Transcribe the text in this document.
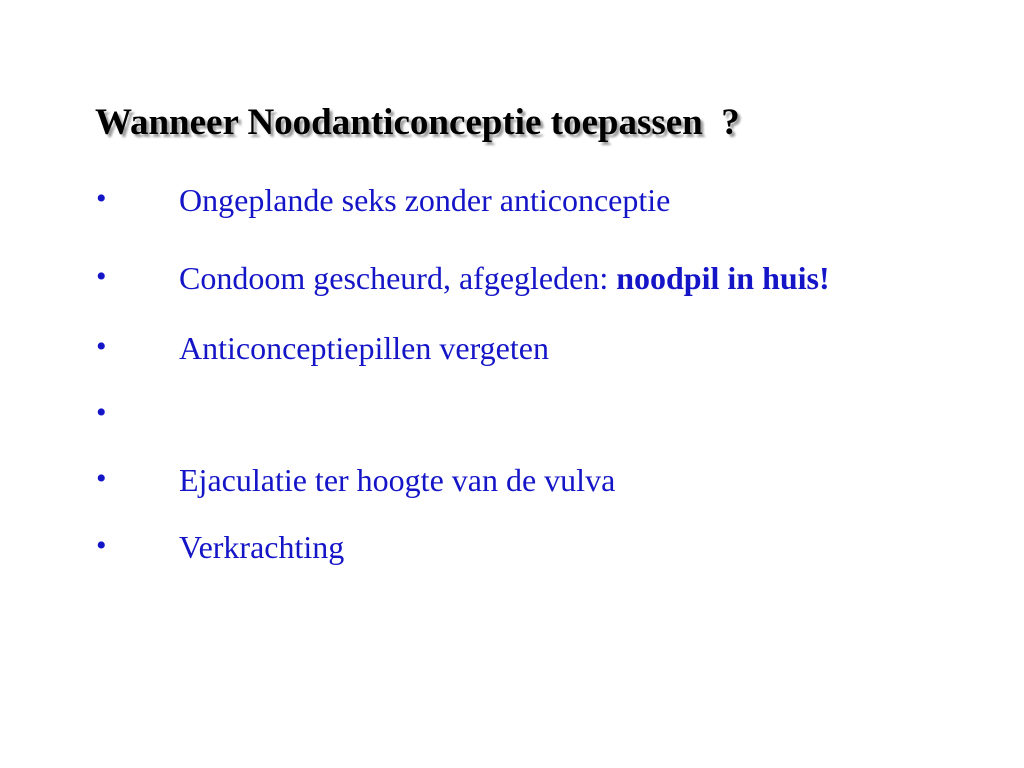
Wanneer Noodanticonceptie toepassen  ?
• Ongeplande seks zonder anticonceptie
• Condoom gescheurd, afgegleden: noodpil in huis!
• Anticonceptiepillen vergeten
•
• Ejaculatie ter hoogte van de vulva
• Verkrachting
